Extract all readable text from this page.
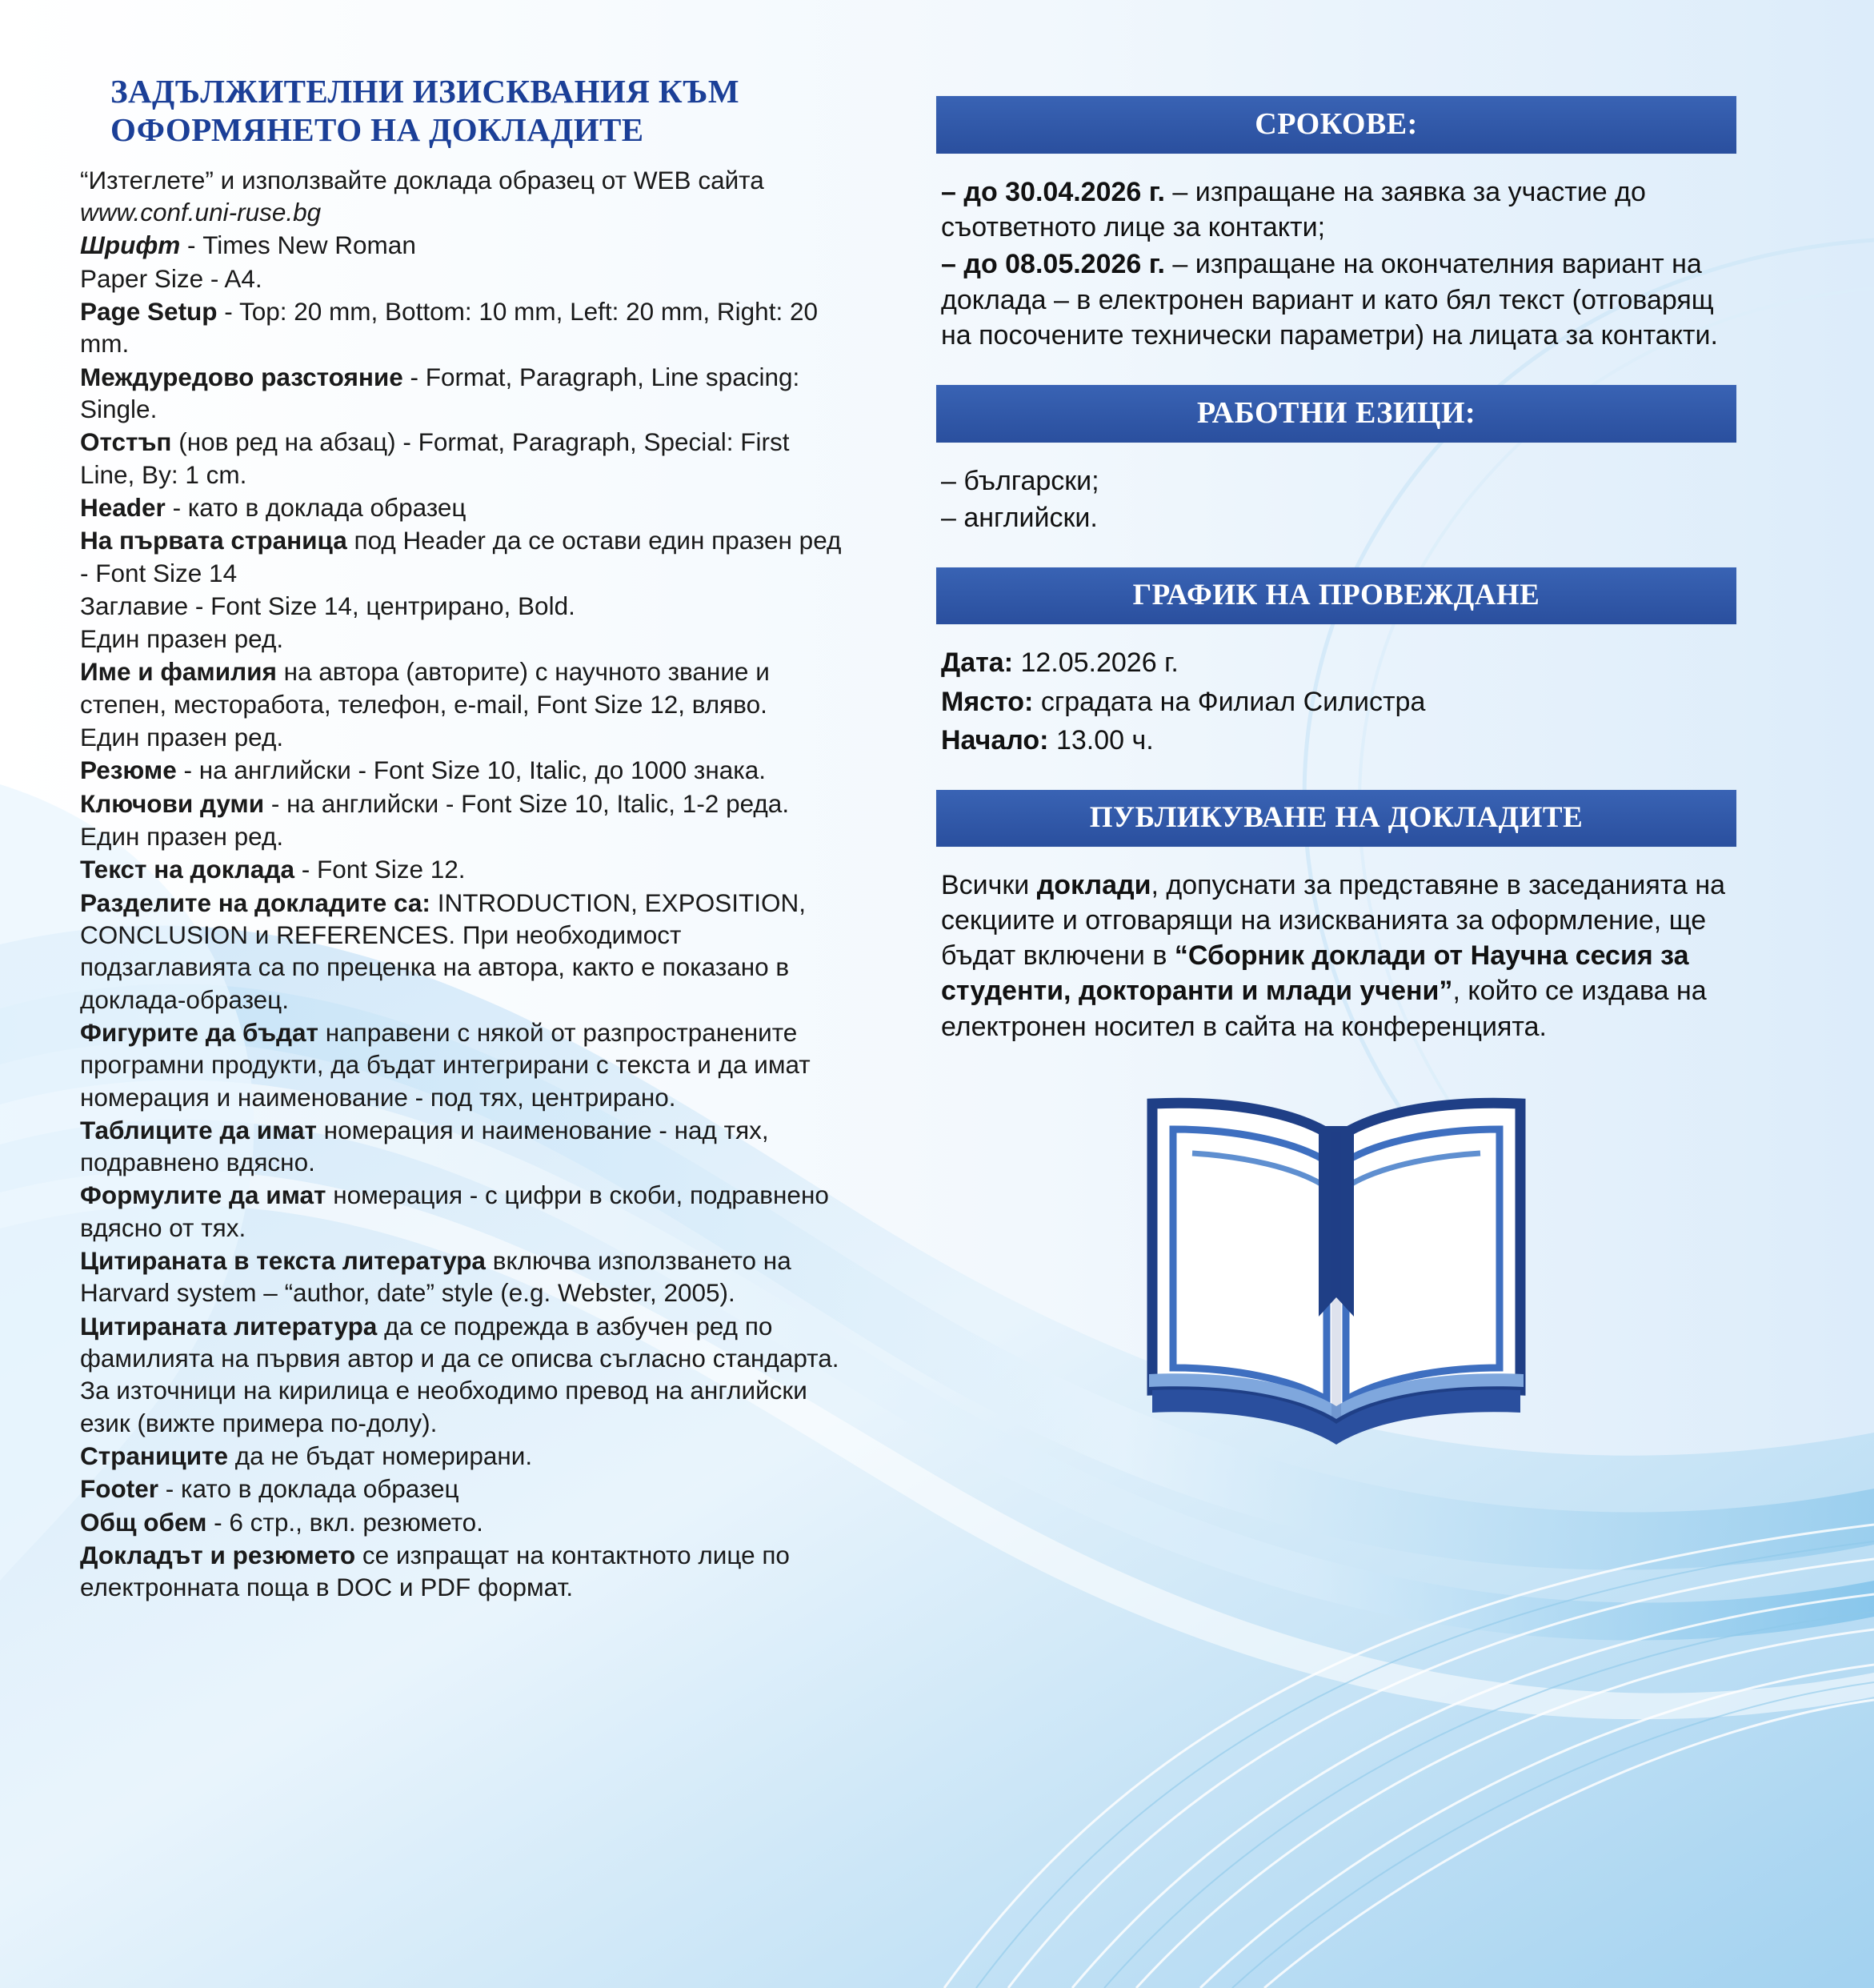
ЗАДЪЛЖИТЕЛНИ ИЗИСКВАНИЯ КЪМ ОФОРМЯНЕТО НА ДОКЛАДИТЕ

“Изтеглете” и използвайте доклада образец от WEB сайта www.conf.uni-ruse.bg

Шрифт - Times New Roman

Paper Size - A4.

Page Setup - Top: 20 mm, Bottom: 10 mm, Left: 20 mm, Right: 20 mm.

Междуредово разстояние - Format, Paragraph, Line spacing: Single.

Отстъп (нов ред на абзац) - Format, Paragraph, Special: First Line, By: 1 cm.

Header - като в доклада образец

На първата страница под Header да се остави един празен ред - Font Size 14

Заглавие - Font Size 14, центрирано, Bold.

Един празен ред.

Име и фамилия на автора (авторите) с научното звание и степен, месторабота, телефон, e-mail, Font Size 12, вляво.

Един празен ред.

Резюме - на английски - Font Size 10, Italic, до 1000 знака.

Ключови думи - на английски - Font Size 10, Italic, 1-2 реда.

Един празен ред.

Текст на доклада - Font Size 12.

Разделите на докладите са: INTRODUCTION, EXPOSITION, CONCLUSION и REFERENCES. При необходимост подзаглавията са по преценка на автора, както е показано в доклада-образец.

Фигурите да бъдат направени с някой от разпространените програмни продукти, да бъдат интегрирани с текста и да имат номерация и наименование - под тях, центрирано.

Таблиците да имат номерация и наименование - над тях, подравнено вдясно.

Формулите да имат номерация - с цифри в скоби, подравнено вдясно от тях.

Цитираната в текста литература включва използването на Harvard system – “author, date” style (e.g. Webster, 2005).

Цитираната литература да се подрежда в азбучен ред по фамилията на първия автор и да се описва съгласно стандарта. За източници на кирилица е необходимо превод на английски език (вижте примера по-долу).

Страниците да не бъдат номерирани.

Footer - като в доклада образец

Общ обем - 6 стр., вкл. резюмето.

Докладът и резюмето се изпращат на контактното лице по електронната поща в DOC и PDF формат.

СРОКОВЕ:

– до 30.04.2026 г. – изпращане на заявка за участие до съответното лице за контакти;

– до 08.05.2026 г. – изпращане на окончателния вариант на доклада – в електронен вариант и като бял текст (отговарящ на посочените технически параметри) на лицата за контакти.

РАБОТНИ ЕЗИЦИ:

– български;

– английски.

ГРАФИК НА ПРОВЕЖДАНЕ

Дата: 12.05.2026 г.

Място: сградата на Филиал Силистра

Начало: 13.00 ч.

ПУБЛИКУВАНЕ НА ДОКЛАДИТЕ

Всички доклади, допуснати за представяне в заседанията на секциите и отговарящи на изискванията за оформление, ще бъдат включени в “Сборник доклади от Научна сесия за студенти, докторанти и млади учени”, който се издава на електронен носител в сайта на конференцията.
